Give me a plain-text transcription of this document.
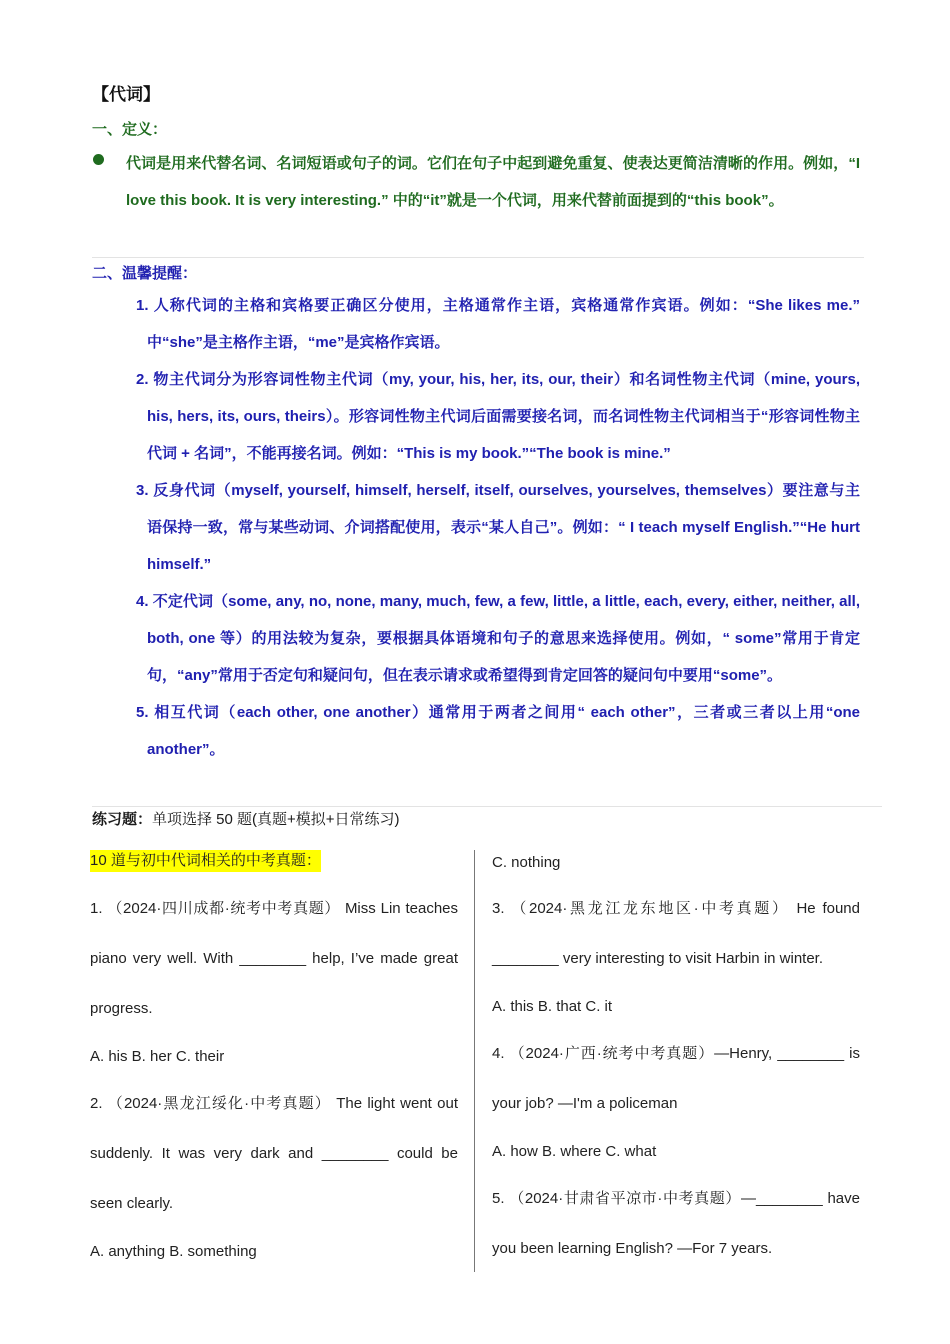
【代词】
一、定义：
代词是用来代替名词、名词短语或句子的词。它们在句子中起到避免重复、使表达更简洁清晰的作用。例如，“I love this book. It is very interesting.” 中的“it”就是一个代词，用来代替前面提到的“this book”。
二、温馨提醒：
1. 人称代词的主格和宾格要正确区分使用，主格通常作主语，宾格通常作宾语。例如：“She likes me.” 中“she”是主格作主语，“me”是宾格作宾语。
2. 物主代词分为形容词性物主代词（my, your, his, her, its, our, their）和名词性物主代词（mine, yours, his, hers, its, ours, theirs）。形容词性物主代词后面需要接名词，而名词性物主代词相当于“形容词性物主代词 + 名词”，不能再接名词。例如：“This is my book.”“The book is mine.”
3. 反身代词（myself, yourself, himself, herself, itself, ourselves, yourselves, themselves）要注意与主语保持一致，常与某些动词、介词搭配使用，表示“某人自己”。例如：“ I teach myself English.”“He hurt himself.”
4. 不定代词（some, any, no, none, many, much, few, a few, little, a little, each, every, either, neither, all, both, one 等）的用法较为复杂，要根据具体语境和句子的意思来选择使用。例如，“ some”常用于肯定句，“any”常用于否定句和疑问句，但在表示请求或希望得到肯定回答的疑问句中要用“some”。
5. 相互代词（each other, one another）通常用于两者之间用“ each other”，三者或三者以上用“one another”。
练习题：单项选择 50 题(真题+模拟+日常练习)
10 道与初中代词相关的中考真题：
1. （2024·四川成都·统考中考真题） Miss Lin teaches piano very well. With ________ help, I’ve made great progress.
A. his B. her C. their
2. （2024·黑龙江绥化·中考真题） The light went out suddenly. It was very dark and ________ could be seen clearly.
A. anything B. something
C. nothing
3. （2024·黑龙江龙东地区·中考真题） He found ________ very interesting to visit Harbin in winter.
A. this B. that C. it
4. （2024·广西·统考中考真题）—Henry, ________ is your job? —I'm a policeman
A. how B. where C. what
5. （2024·甘肃省平凉市·中考真题）—________ have you been learning English? —For 7 years.
